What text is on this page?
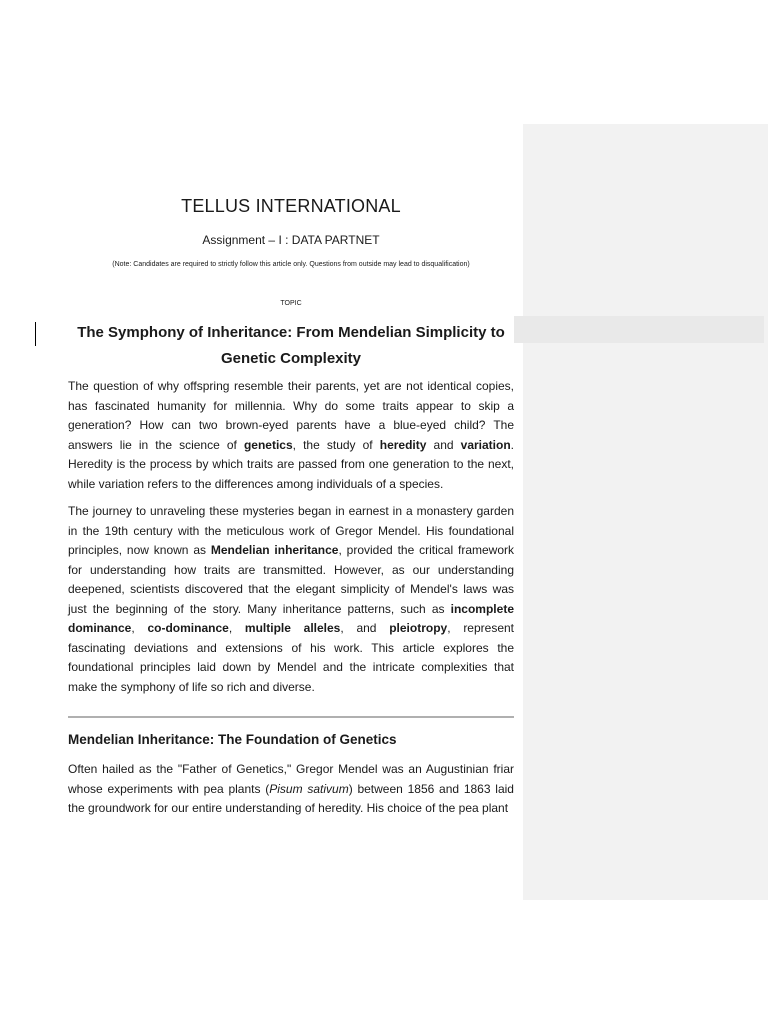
TELLUS INTERNATIONAL
Assignment – I : DATA PARTNET
(Note: Candidates are required to strictly follow this article only. Questions from outside may lead to disqualification)
TOPIC
The Symphony of Inheritance: From Mendelian Simplicity to Genetic Complexity

The question of why offspring resemble their parents, yet are not identical copies, has fascinated humanity for millennia. Why do some traits appear to skip a generation? How can two brown-eyed parents have a blue-eyed child? The answers lie in the science of genetics, the study of heredity and variation. Heredity is the process by which traits are passed from one generation to the next, while variation refers to the differences among individuals of a species.

The journey to unraveling these mysteries began in earnest in a monastery garden in the 19th century with the meticulous work of Gregor Mendel. His foundational principles, now known as Mendelian inheritance, provided the critical framework for understanding how traits are transmitted. However, as our understanding deepened, scientists discovered that the elegant simplicity of Mendel's laws was just the beginning of the story. Many inheritance patterns, such as incomplete dominance, co-dominance, multiple alleles, and pleiotropy, represent fascinating deviations and extensions of his work. This article explores the foundational principles laid down by Mendel and the intricate complexities that make the symphony of life so rich and diverse.

Mendelian Inheritance: The Foundation of Genetics

Often hailed as the "Father of Genetics," Gregor Mendel was an Augustinian friar whose experiments with pea plants (Pisum sativum) between 1856 and 1863 laid the groundwork for our entire understanding of heredity. His choice of the pea plant
